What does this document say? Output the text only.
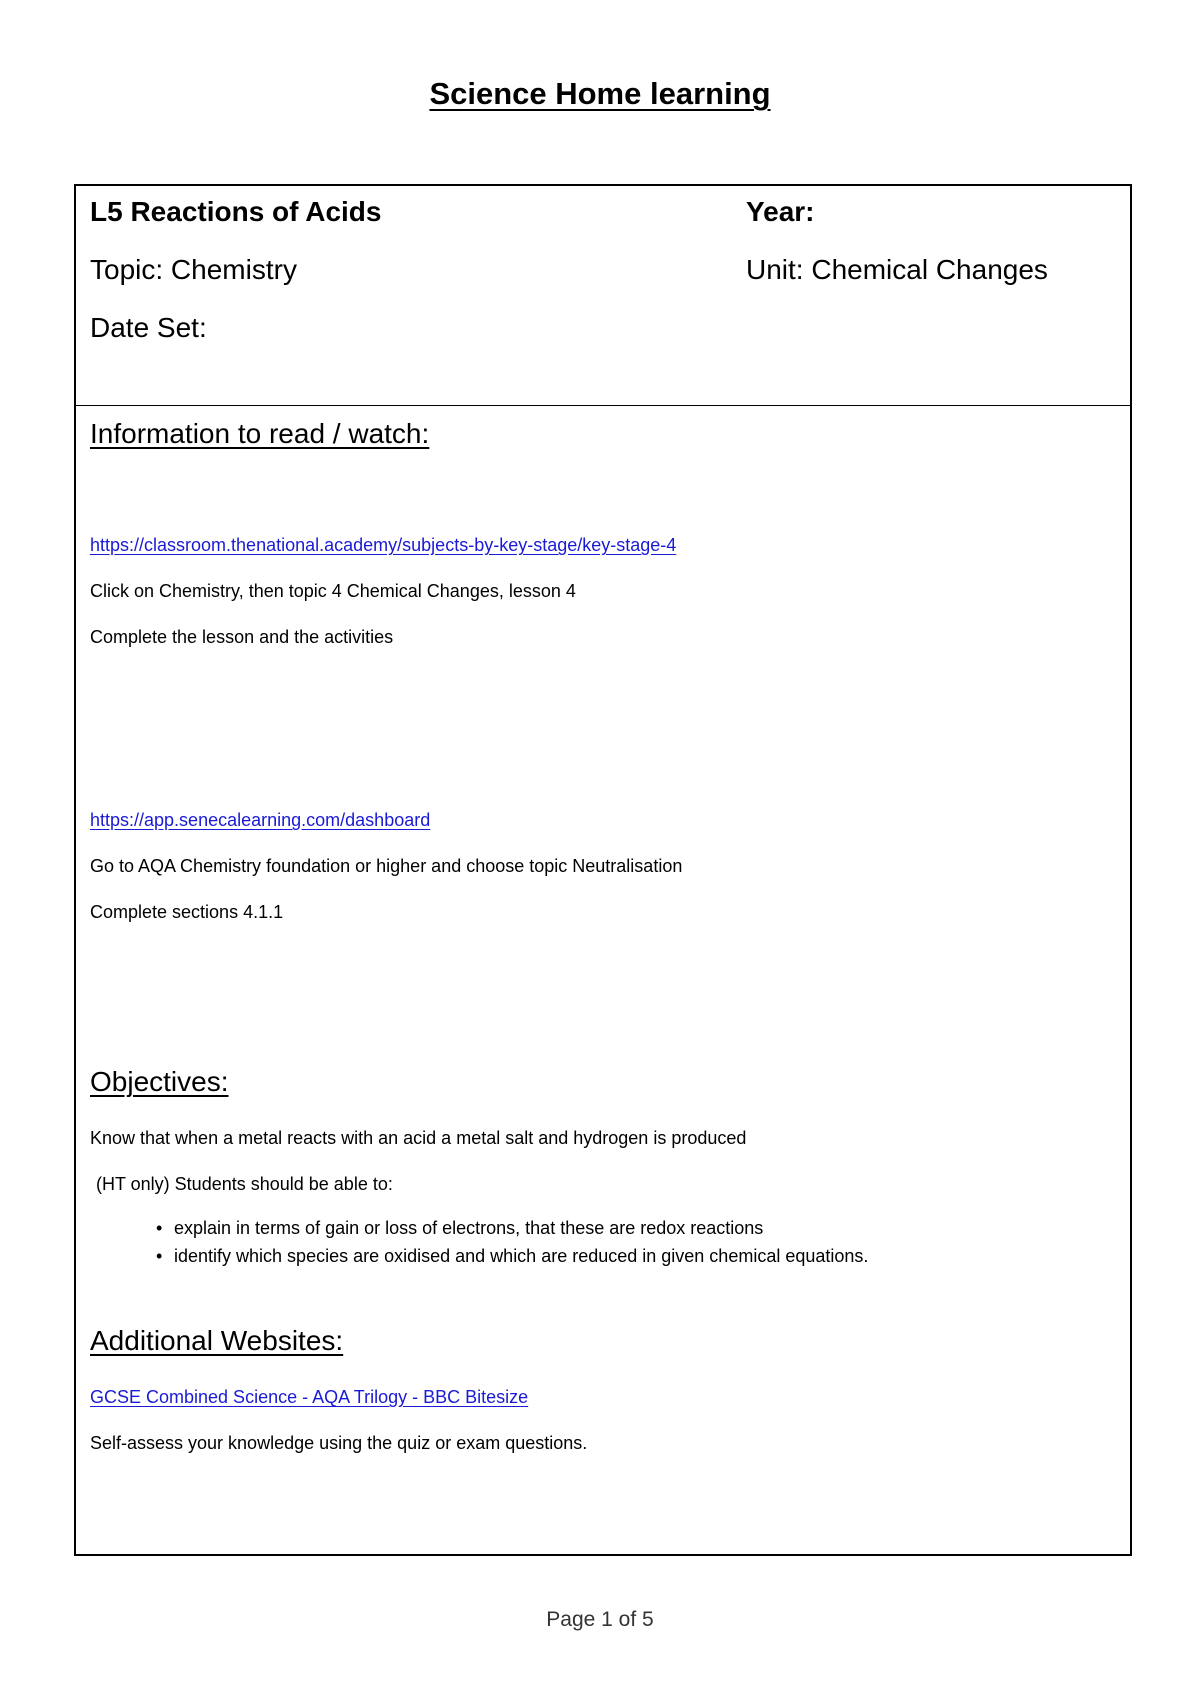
Science Home learning

L5 Reactions of Acids	Year:

Topic: Chemistry	Unit: Chemical Changes

Date Set:

Information to read / watch:

https://classroom.thenational.academy/subjects-by-key-stage/key-stage-4

Click on Chemistry, then topic 4 Chemical Changes, lesson 4

Complete the lesson and the activities

https://app.senecalearning.com/dashboard

Go to AQA Chemistry foundation or higher and choose topic Neutralisation

Complete sections 4.1.1

Objectives:

Know that when a metal reacts with an acid a metal salt and hydrogen is produced

(HT only) Students should be able to:

• explain in terms of gain or loss of electrons, that these are redox reactions
• identify which species are oxidised and which are reduced in given chemical equations.

Additional Websites:

GCSE Combined Science - AQA Trilogy - BBC Bitesize

Self-assess your knowledge using the quiz or exam questions.

Page 1 of 5
